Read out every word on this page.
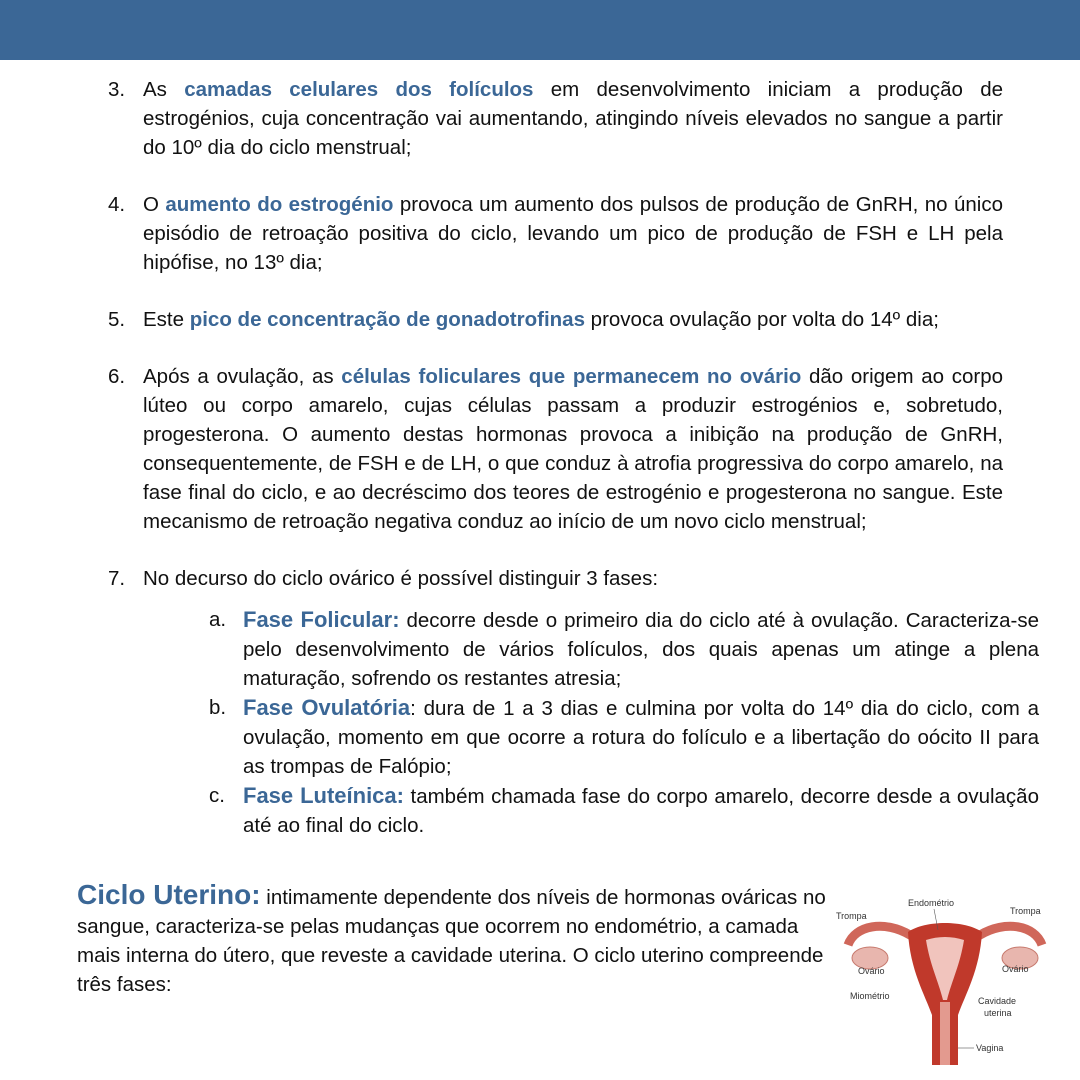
3. As camadas celulares dos folículos em desenvolvimento iniciam a produção de estrogénios, cuja concentração vai aumentando, atingindo níveis elevados no sangue a partir do 10º dia do ciclo menstrual;
4. O aumento do estrogénio provoca um aumento dos pulsos de produção de GnRH, no único episódio de retroação positiva do ciclo, levando um pico de produção de FSH e LH pela hipófise, no 13º dia;
5. Este pico de concentração de gonadotrofinas provoca ovulação por volta do 14º dia;
6. Após a ovulação, as células foliculares que permanecem no ovário dão origem ao corpo lúteo ou corpo amarelo, cujas células passam a produzir estrogénios e, sobretudo, progesterona. O aumento destas hormonas provoca a inibição na produção de GnRH, consequentemente, de FSH e de LH, o que conduz à atrofia progressiva do corpo amarelo, na fase final do ciclo, e ao decréscimo dos teores de estrogénio e progesterona no sangue. Este mecanismo de retroação negativa conduz ao início de um novo ciclo menstrual;
7. No decurso do ciclo ovárico é possível distinguir 3 fases:
a. Fase Folicular: decorre desde o primeiro dia do ciclo até à ovulação. Caracteriza-se pelo desenvolvimento de vários folículos, dos quais apenas um atinge a plena maturação, sofrendo os restantes atresia;
b. Fase Ovulatória: dura de 1 a 3 dias e culmina por volta do 14º dia do ciclo, com a ovulação, momento em que ocorre a rotura do folículo e a libertação do oócito II para as trompas de Falópio;
c. Fase Luteínica: também chamada fase do corpo amarelo, decorre desde a ovulação até ao final do ciclo.
Ciclo Uterino: intimamente dependente dos níveis de hormonas ováricas no sangue, caracteriza-se pelas mudanças que ocorrem no endométrio, a camada mais interna do útero, que reveste a cavidade uterina. O ciclo uterino compreende três fases:
Endométrio
Trompa	Trompa
Ovário	Ovário
Miométrio	Cavidade
uterina
Vagina
